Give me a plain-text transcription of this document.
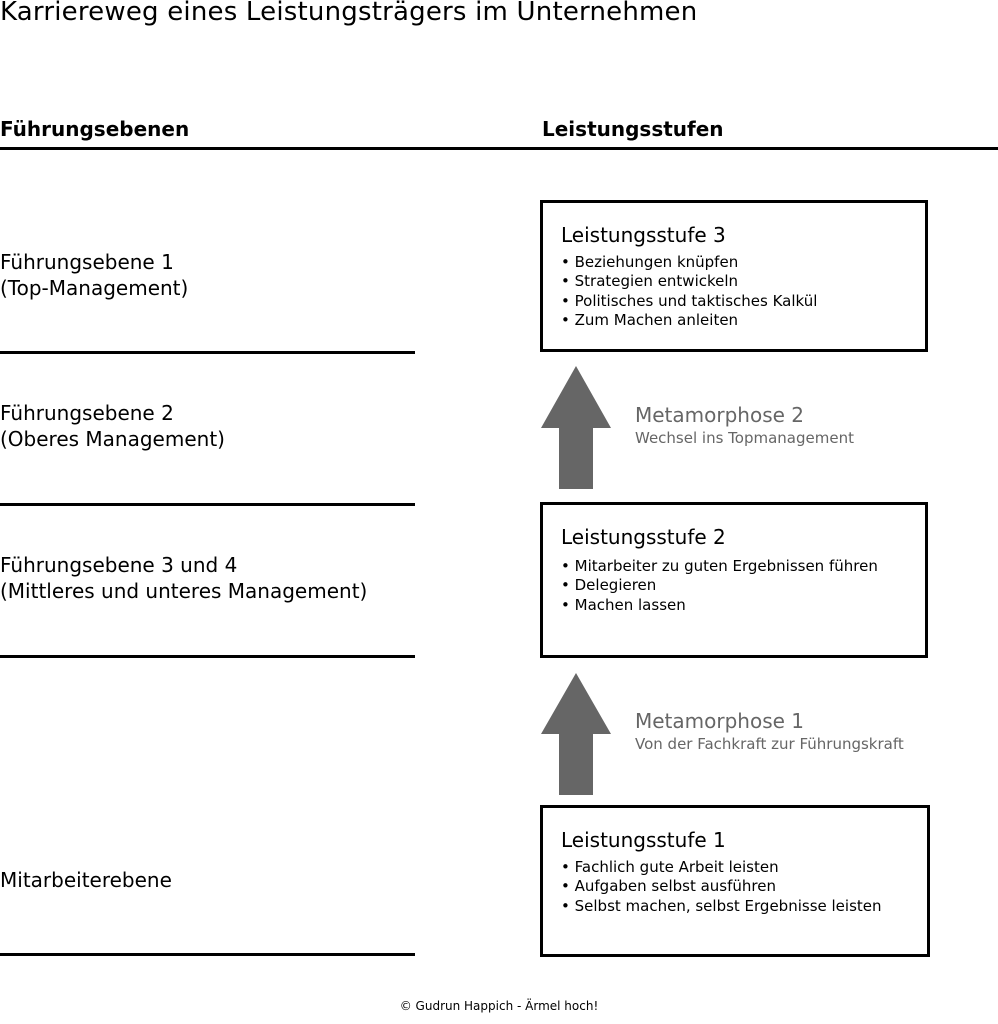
Karriereweg eines Leistungsträgers im Unternehmen
Führungsebenen	Leistungsstufen
Führungsebene 1
(Top-Management)
Führungsebene 2
(Oberes Management)
Führungsebene 3 und 4
(Mittleres und unteres Management)
Mitarbeiterebene
Leistungsstufe 3
• Beziehungen knüpfen
• Strategien entwickeln
• Politisches und taktisches Kalkül
• Zum Machen anleiten
Metamorphose 2
Wechsel ins Topmanagement
Leistungsstufe 2
• Mitarbeiter zu guten Ergebnissen führen
• Delegieren
• Machen lassen
Metamorphose 1
Von der Fachkraft zur Führungskraft
Leistungsstufe 1
• Fachlich gute Arbeit leisten
• Aufgaben selbst ausführen
• Selbst machen, selbst Ergebnisse leisten
© Gudrun Happich - Ärmel hoch!
